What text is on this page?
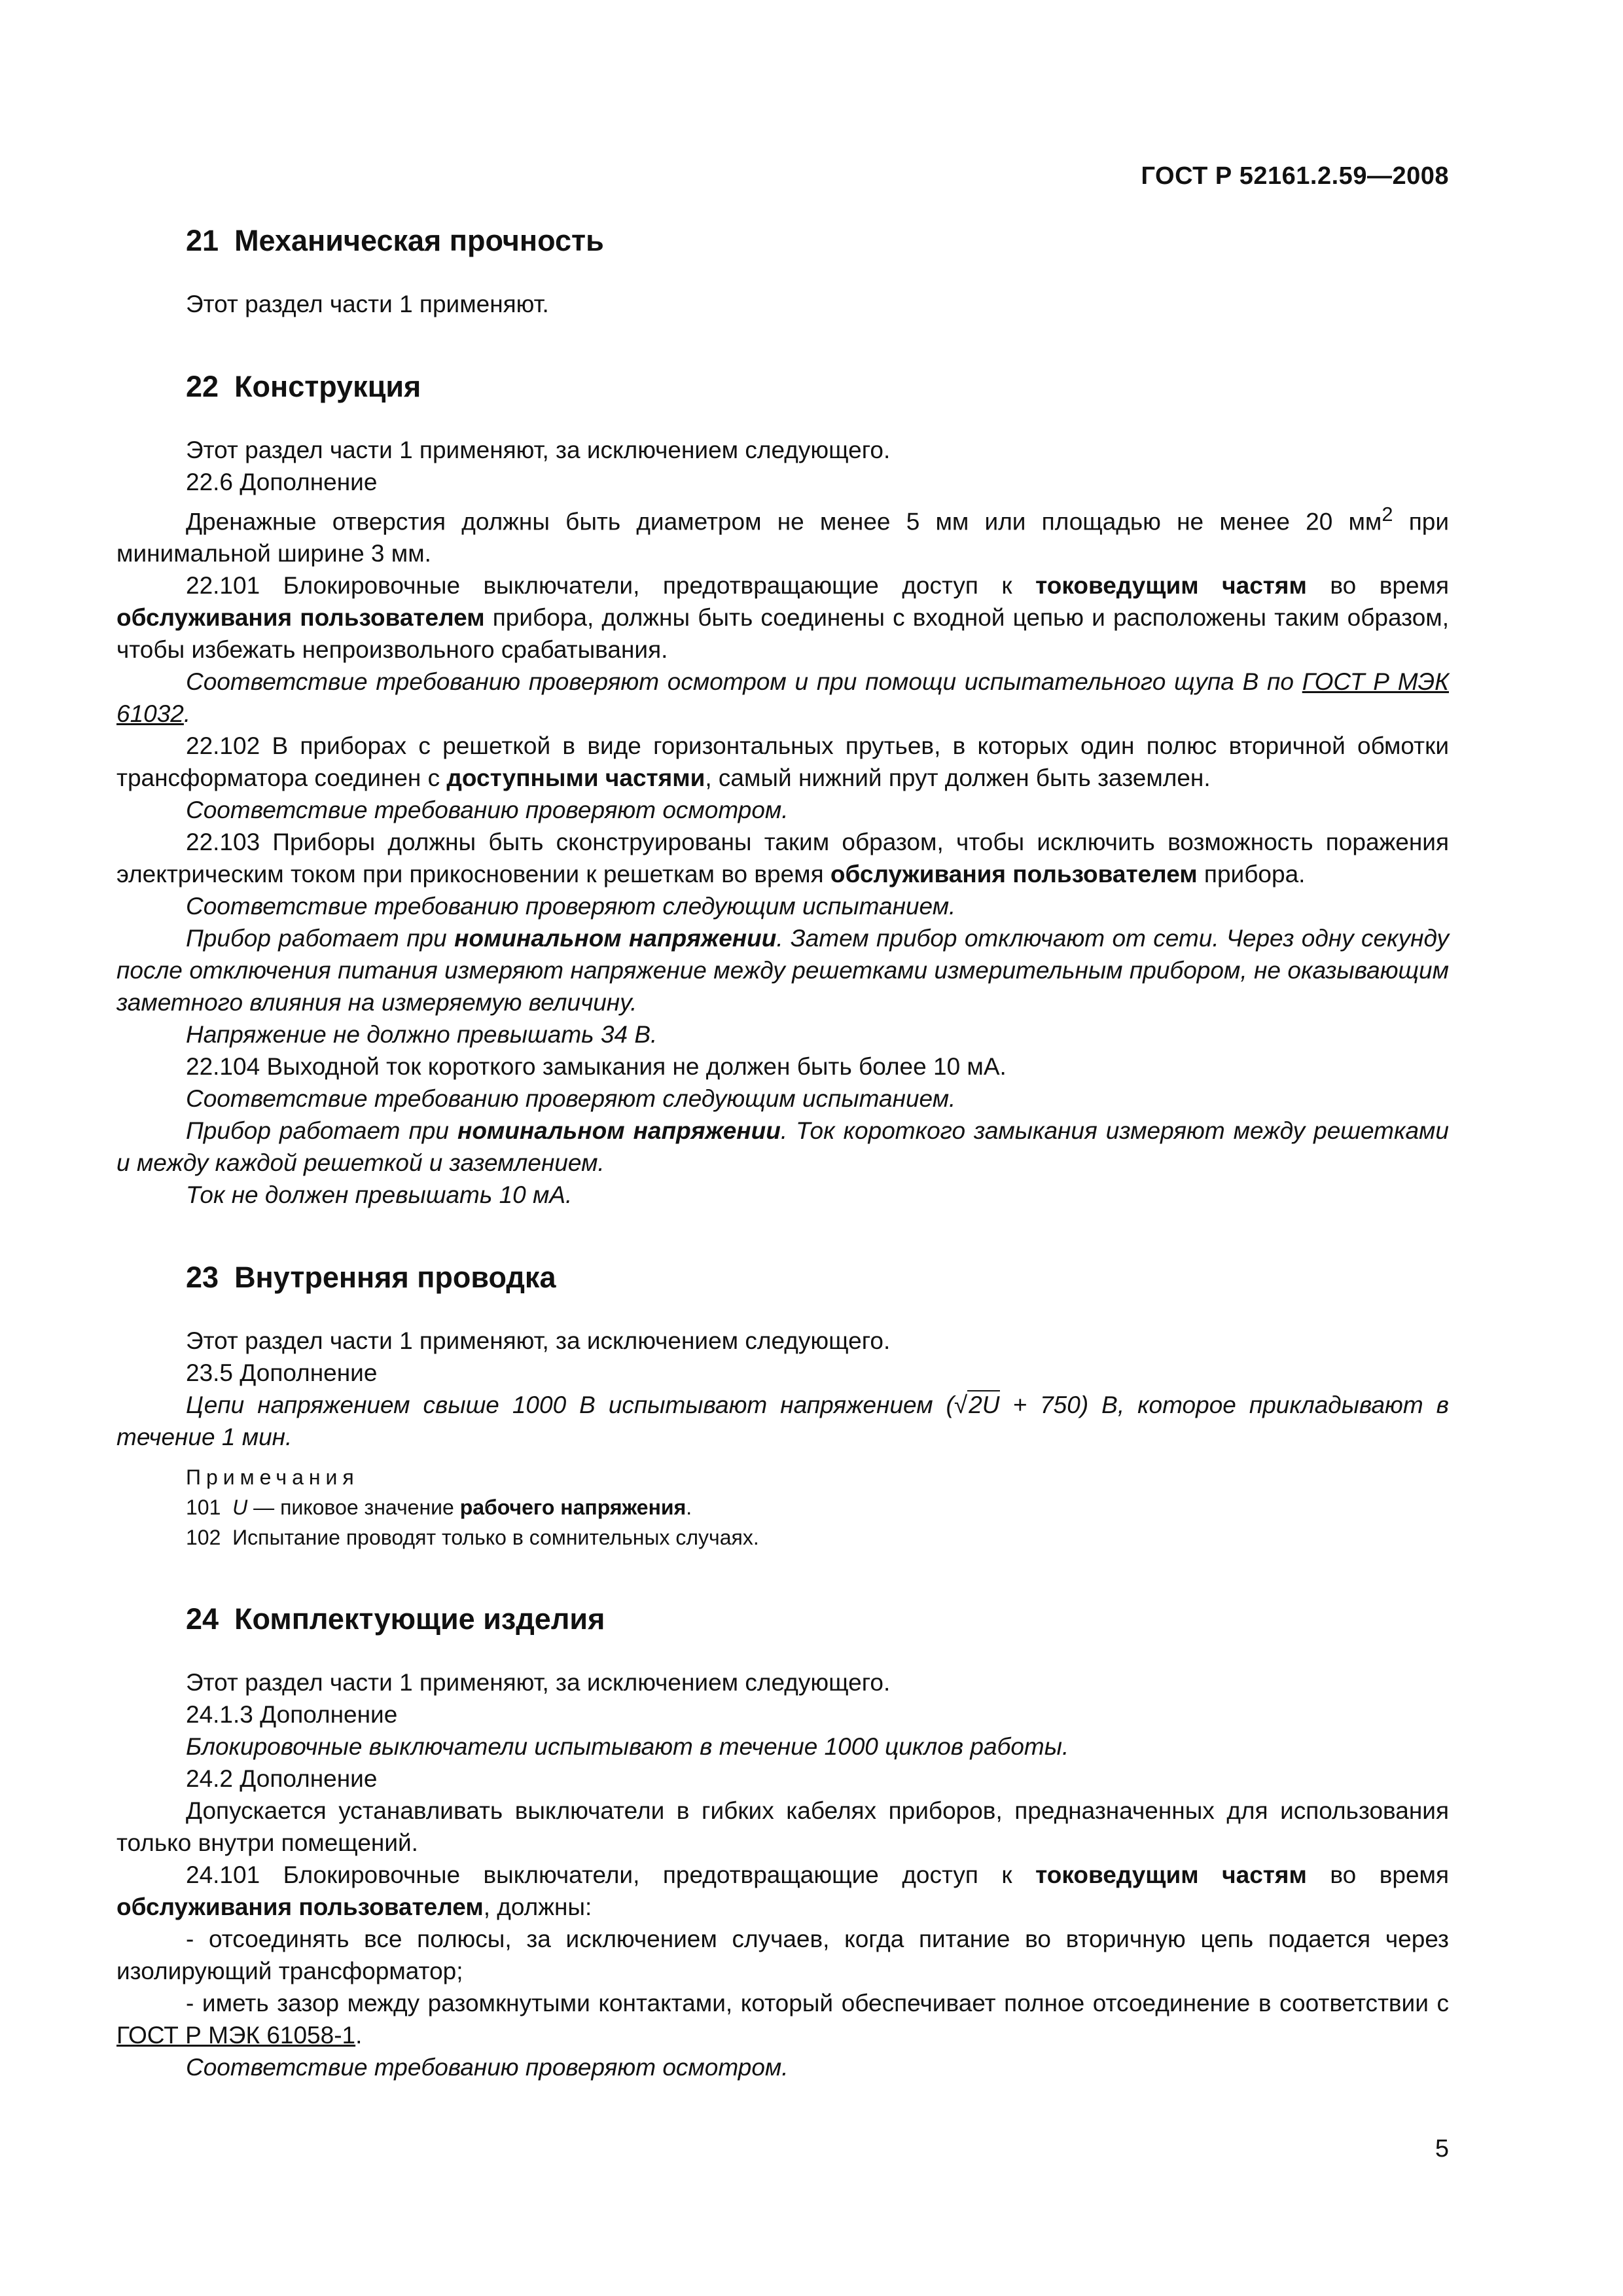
ГОСТ Р 52161.2.59—2008
21 Механическая прочность

Этот раздел части 1 применяют.

22 Конструкция

Этот раздел части 1 применяют, за исключением следующего.

22.6 Дополнение

Дренажные отверстия должны быть диаметром не менее 5 мм или площадью не менее 20 $мм^2$ при минимальной ширине 3 мм.

22.101 Блокировочные выключатели, предотвращающие доступ к токоведущим частям во время обслуживания пользователем прибора, должны быть соединены с входной цепью и расположены таким образом, чтобы избежать непроизвольного срабатывания.

Соответствие требованию проверяют осмотром и при помощи испытательного щупа В по ГОСТ Р МЭК 61032.

22.102 В приборах с решеткой в виде горизонтальных прутьев, в которых один полюс вторичной обмотки трансформатора соединен с доступными частями, самый нижний прут должен быть заземлен.

Соответствие требованию проверяют осмотром.

22.103 Приборы должны быть сконструированы таким образом, чтобы исключить возможность поражения электрическим током при прикосновении к решеткам во время обслуживания пользователем прибора.

Соответствие требованию проверяют следующим испытанием.

Прибор работает при номинальном напряжении. Затем прибор отключают от сети. Через одну секунду после отключения питания измеряют напряжение между решетками измерительным прибором, не оказывающим заметного влияния на измеряемую величину.

Напряжение не должно превышать 34 В.

22.104 Выходной ток короткого замыкания не должен быть более 10 мА.

Соответствие требованию проверяют следующим испытанием.

Прибор работает при номинальном напряжении. Ток короткого замыкания измеряют между решетками и между каждой решеткой и заземлением.

Ток не должен превышать 10 мА.

23 Внутренняя проводка

Этот раздел части 1 применяют, за исключением следующего.

23.5 Дополнение

Цепи напряжением свыше 1000 В испытывают напряжением (√2U + 750) В, которое прикладывают в течение 1 мин.

Примечания

101 U — пиковое значение рабочего напряжения.

102 Испытание проводят только в сомнительных случаях.

24 Комплектующие изделия

Этот раздел части 1 применяют, за исключением следующего.

24.1.3 Дополнение

Блокировочные выключатели испытывают в течение 1000 циклов работы.

24.2 Дополнение

Допускается устанавливать выключатели в гибких кабелях приборов, предназначенных для использования только внутри помещений.

24.101 Блокировочные выключатели, предотвращающие доступ к токоведущим частям во время обслуживания пользователем, должны:

- отсоединять все полюсы, за исключением случаев, когда питание во вторичную цепь подается через изолирующий трансформатор;

- иметь зазор между разомкнутыми контактами, который обеспечивает полное отсоединение в соответствии с ГОСТ Р МЭК 61058-1.

Соответствие требованию проверяют осмотром.

5
